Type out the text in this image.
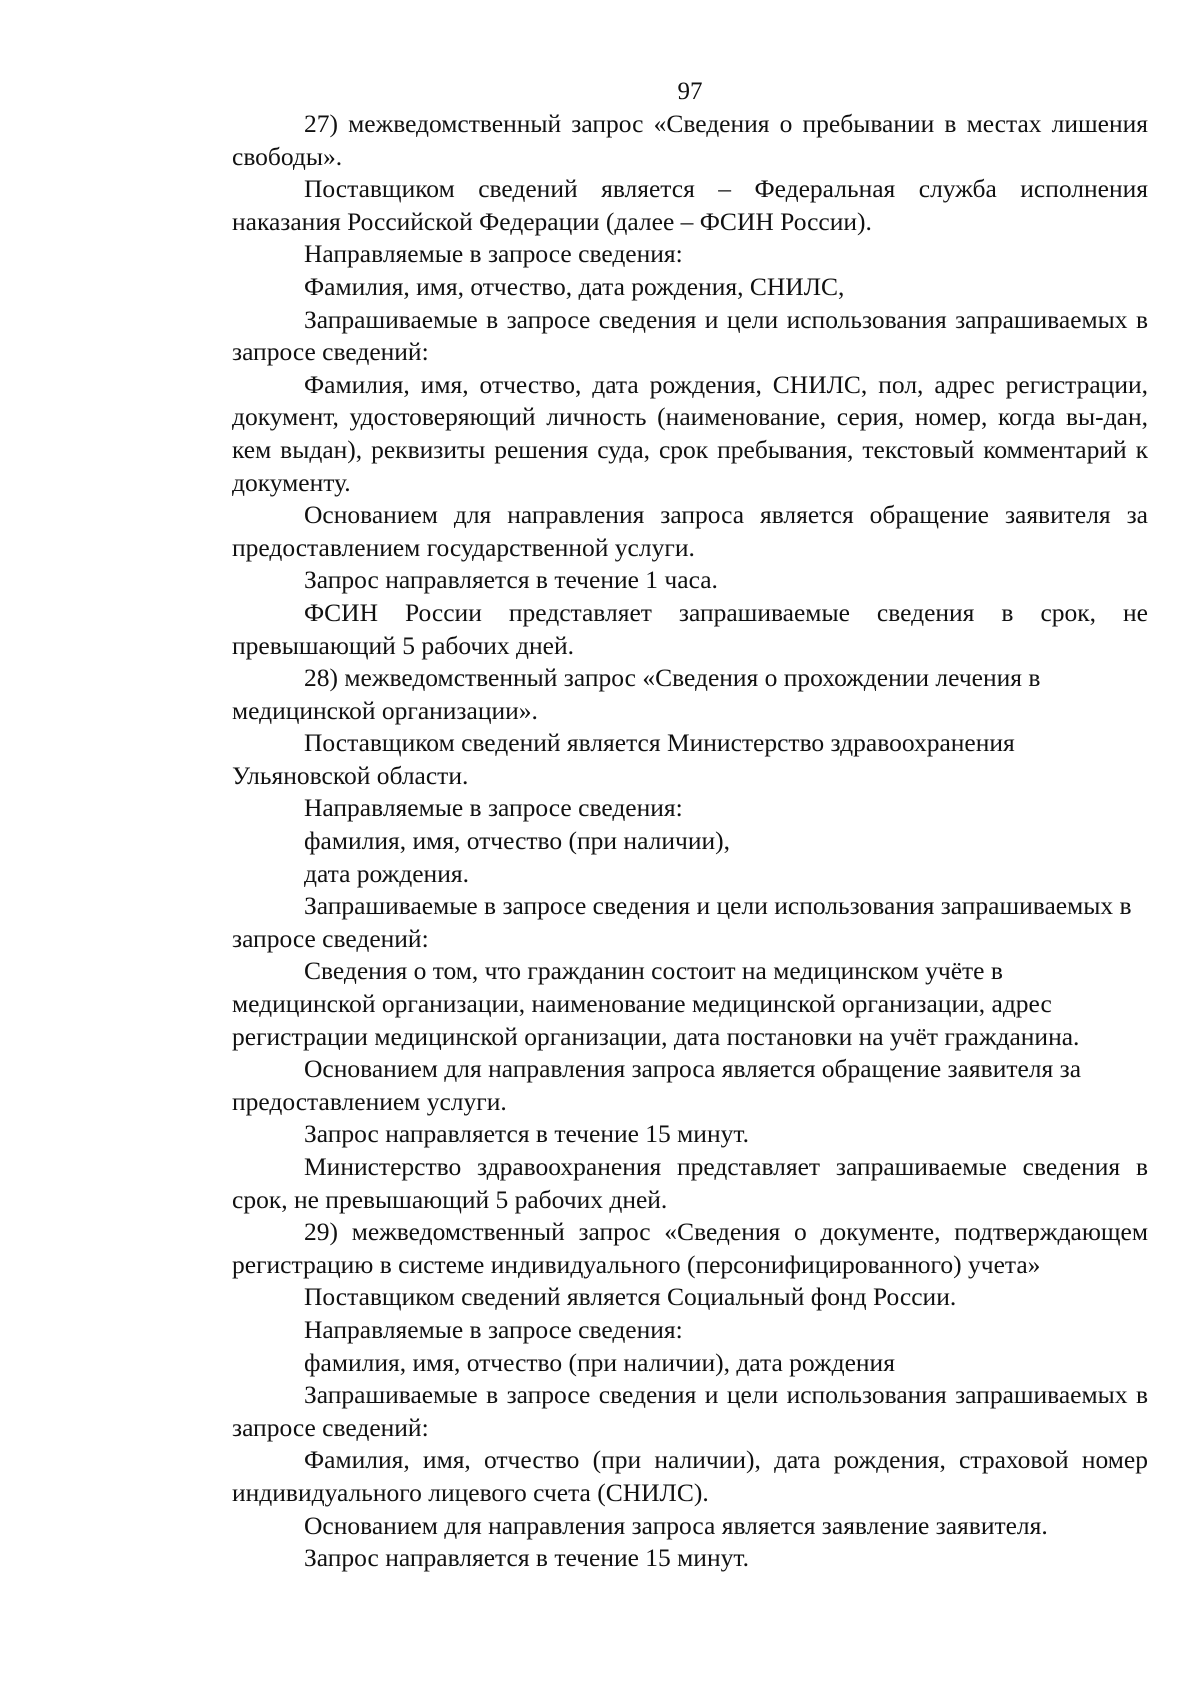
97

27) межведомственный запрос «Сведения о пребывании в местах лишения свободы».

Поставщиком сведений является – Федеральная служба исполнения наказания Российской Федерации (далее – ФСИН России).

Направляемые в запросе сведения:

Фамилия, имя, отчество, дата рождения, СНИЛС,

Запрашиваемые в запросе сведения и цели использования запрашиваемых в запросе сведений:

Фамилия, имя, отчество, дата рождения, СНИЛС, пол, адрес регистрации, документ, удостоверяющий личность (наименование, серия, номер, когда вы-дан, кем выдан), реквизиты решения суда, срок пребывания, текстовый комментарий к документу.

Основанием для направления запроса является обращение заявителя за предоставлением государственной услуги.

Запрос направляется в течение 1 часа.

ФСИН России представляет запрашиваемые сведения в срок, не превышающий 5 рабочих дней.

28) межведомственный запрос «Сведения о прохождении лечения в медицинской организации».

Поставщиком сведений является Министерство здравоохранения Ульяновской области.

Направляемые в запросе сведения:

фамилия, имя, отчество (при наличии),

дата рождения.

Запрашиваемые в запросе сведения и цели использования запрашиваемых в запросе сведений:

Сведения о том, что гражданин состоит на медицинском учёте в медицинской организации, наименование медицинской организации, адрес регистрации медицинской организации, дата постановки на учёт гражданина.

Основанием для направления запроса является обращение заявителя за предоставлением услуги.

Запрос направляется в течение 15 минут.

Министерство здравоохранения представляет запрашиваемые сведения в срок, не превышающий 5 рабочих дней.

29) межведомственный запрос «Сведения о документе, подтверждающем регистрацию в системе индивидуального (персонифицированного) учета»

Поставщиком сведений является Социальный фонд России.

Направляемые в запросе сведения:

фамилия, имя, отчество (при наличии), дата рождения

Запрашиваемые в запросе сведения и цели использования запрашиваемых в запросе сведений:

Фамилия, имя, отчество (при наличии), дата рождения, страховой номер индивидуального лицевого счета (СНИЛС).

Основанием для направления запроса является заявление заявителя.

Запрос направляется в течение 15 минут.
